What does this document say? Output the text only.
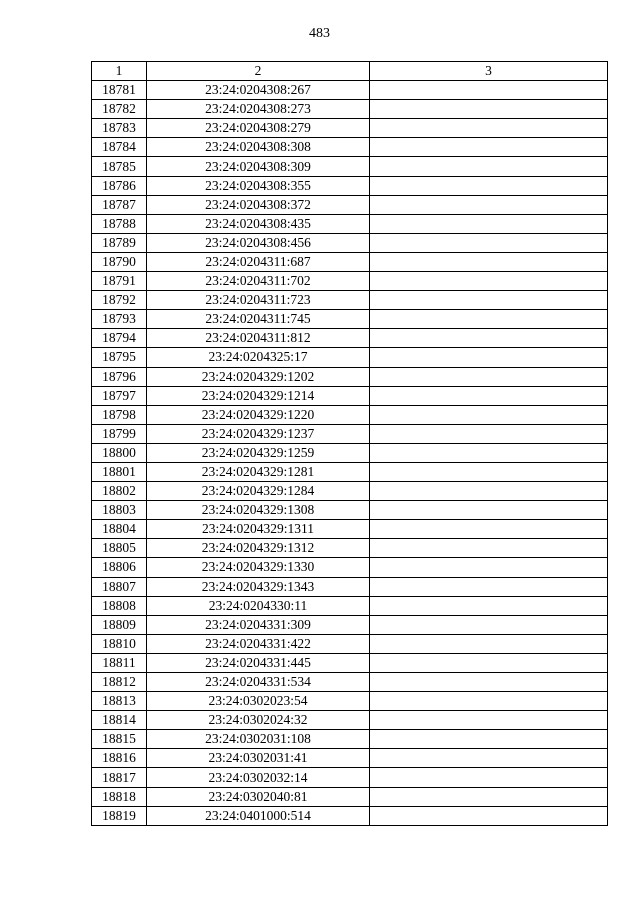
483
1	2	3
18781	23:24:0204308:267	
18782	23:24:0204308:273	
18783	23:24:0204308:279	
18784	23:24:0204308:308	
18785	23:24:0204308:309	
18786	23:24:0204308:355	
18787	23:24:0204308:372	
18788	23:24:0204308:435	
18789	23:24:0204308:456	
18790	23:24:0204311:687	
18791	23:24:0204311:702	
18792	23:24:0204311:723	
18793	23:24:0204311:745	
18794	23:24:0204311:812	
18795	23:24:0204325:17	
18796	23:24:0204329:1202	
18797	23:24:0204329:1214	
18798	23:24:0204329:1220	
18799	23:24:0204329:1237	
18800	23:24:0204329:1259	
18801	23:24:0204329:1281	
18802	23:24:0204329:1284	
18803	23:24:0204329:1308	
18804	23:24:0204329:1311	
18805	23:24:0204329:1312	
18806	23:24:0204329:1330	
18807	23:24:0204329:1343	
18808	23:24:0204330:11	
18809	23:24:0204331:309	
18810	23:24:0204331:422	
18811	23:24:0204331:445	
18812	23:24:0204331:534	
18813	23:24:0302023:54	
18814	23:24:0302024:32	
18815	23:24:0302031:108	
18816	23:24:0302031:41	
18817	23:24:0302032:14	
18818	23:24:0302040:81	
18819	23:24:0401000:514	
